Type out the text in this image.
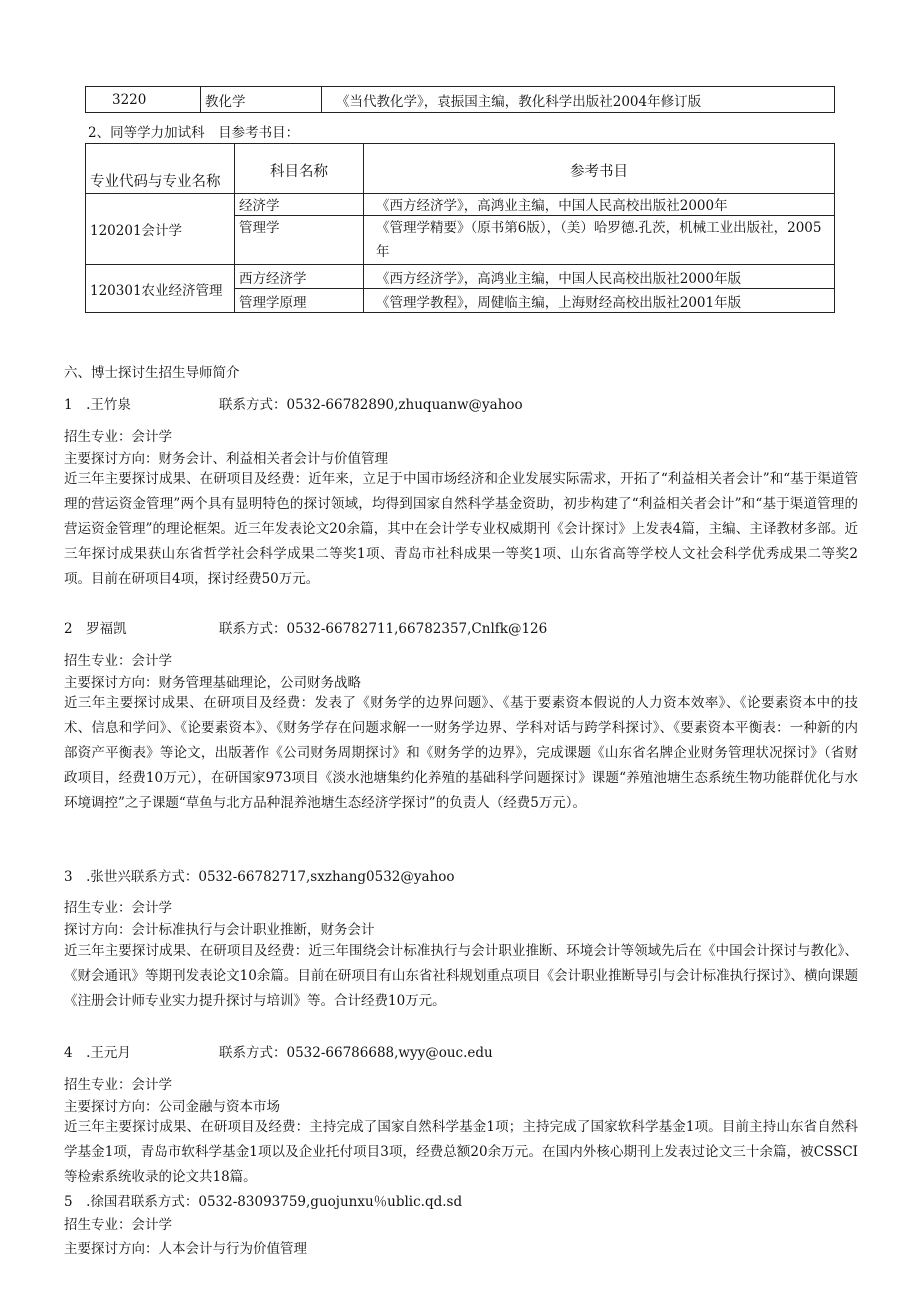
3220	教化学	《当代教化学》，袁振国主编，教化科学出版社2004年修订版
2、同等学力加试科　目参考书目：
专业代码与专业名称	科目名称	参考书目
120201会计学	经济学	《西方经济学》，高鸿业主编，中国人民高校出版社2000年
	管理学	《管理学精要》（原书第6版），（美）哈罗德.孔茨，机械工业出版社，2005年
120301农业经济管理	西方经济学	《西方经济学》，高鸿业主编，中国人民高校出版社2000年版
	管理学原理	《管理学教程》，周健临主编，上海财经高校出版社2001年版
六、博士探讨生招生导师简介
1　.王竹泉	联系方式：0532-66782890,zhuquanw@yahoo
招生专业：会计学
主要探讨方向：财务会计、利益相关者会计与价值管理
近三年主要探讨成果、在研项目及经费：近年来，立足于中国市场经济和企业发展实际需求，开拓了“利益相关者会计”和“基于渠道管理的营运资金管理”两个具有显明特色的探讨领域，均得到国家自然科学基金资助，初步构建了“利益相关者会计”和“基于渠道管理的营运资金管理”的理论框架。近三年发表论文20余篇，其中在会计学专业权威期刊《会计探讨》上发表4篇，主编、主译教材多部。近三年探讨成果获山东省哲学社会科学成果二等奖1项、青岛市社科成果一等奖1项、山东省高等学校人文社会科学优秀成果二等奖2项。目前在研项目4项，探讨经费50万元。
2　罗福凯	联系方式：0532-66782711,66782357,Cnlfk@126
招生专业：会计学
主要探讨方向：财务管理基础理论，公司财务战略
近三年主要探讨成果、在研项目及经费：发表了《财务学的边界问题》、《基于要素资本假说的人力资本效率》、《论要素资本中的技术、信息和学问》、《论要素资本》、《财务学存在问题求解一一财务学边界、学科对话与跨学科探讨》、《要素资本平衡表：一种新的内部资产平衡表》等论文，出版著作《公司财务周期探讨》和《财务学的边界》，完成课题《山东省名牌企业财务管理状况探讨》（省财政项目，经费10万元），在研国家973项目《淡水池塘集约化养殖的基础科学问题探讨》课题“养殖池塘生态系统生物功能群优化与水环境调控”之子课题“草鱼与北方品种混养池塘生态经济学探讨”的负责人（经费5万元）。
3　.张世兴联系方式：0532-66782717,sxzhang0532@yahoo
招生专业：会计学
探讨方向：会计标准执行与会计职业推断，财务会计
近三年主要探讨成果、在研项目及经费：近三年围绕会计标准执行与会计职业推断、环境会计等领域先后在《中国会计探讨与教化》、《财会通讯》等期刊发表论文10余篇。目前在研项目有山东省社科规划重点项目《会计职业推断导引与会计标准执行探讨》、横向课题《注册会计师专业实力提升探讨与培训》等。合计经费10万元。
4　.王元月	联系方式：0532-66786688,wyy@ouc.edu
招生专业：会计学
主要探讨方向：公司金融与资本市场
近三年主要探讨成果、在研项目及经费：主持完成了国家自然科学基金1项；主持完成了国家软科学基金1项。目前主持山东省自然科学基金1项，青岛市软科学基金1项以及企业托付项目3项，经费总额20余万元。在国内外核心期刊上发表过论文三十余篇，被CSSCI等检索系统收录的论文共18篇。
5　.徐国君联系方式：0532-83093759,guojunxu％ublic.qd.sd
招生专业：会计学
主要探讨方向：人本会计与行为价值管理
